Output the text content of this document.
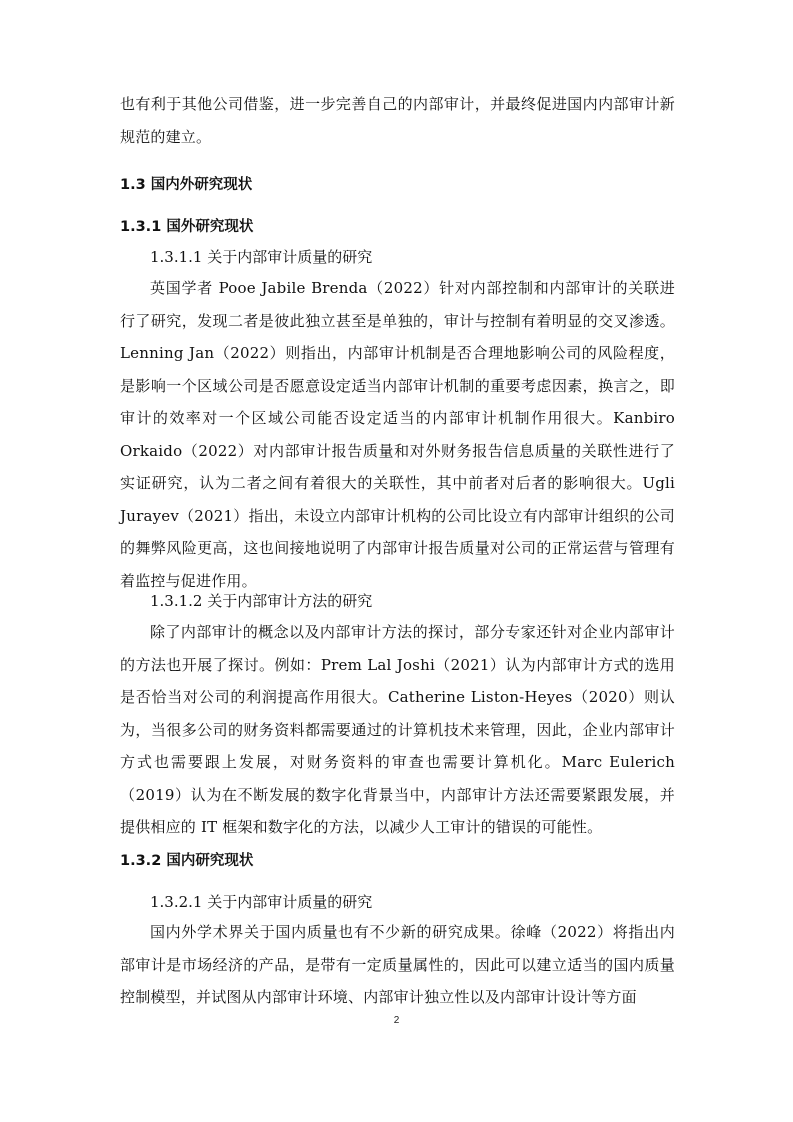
也有利于其他公司借鉴，进一步完善自己的内部审计，并最终促进国内内部审计新规范的建立。

1.3 国内外研究现状
1.3.1 国外研究现状

1.3.1.1 关于内部审计质量的研究

英国学者 Pooe Jabile Brenda（2022）针对内部控制和内部审计的关联进行了研究，发现二者是彼此独立甚至是单独的，审计与控制有着明显的交叉渗透。Lenning Jan（2022）则指出，内部审计机制是否合理地影响公司的风险程度，是影响一个区域公司是否愿意设定适当内部审计机制的重要考虑因素，换言之，即审计的效率对一个区域公司能否设定适当的内部审计机制作用很大。Kanbiro Orkaido（2022）对内部审计报告质量和对外财务报告信息质量的关联性进行了实证研究，认为二者之间有着很大的关联性，其中前者对后者的影响很大。Ugli Jurayev（2021）指出，未设立内部审计机构的公司比设立有内部审计组织的公司的舞弊风险更高，这也间接地说明了内部审计报告质量对公司的正常运营与管理有着监控与促进作用。

1.3.1.2 关于内部审计方法的研究

除了内部审计的概念以及内部审计方法的探讨，部分专家还针对企业内部审计的方法也开展了探讨。例如：Prem Lal Joshi（2021）认为内部审计方式的选用是否恰当对公司的利润提高作用很大。Catherine Liston-Heyes（2020）则认为，当很多公司的财务资料都需要通过的计算机技术来管理，因此，企业内部审计方式也需要跟上发展，对财务资料的审查也需要计算机化。Marc Eulerich（2019）认为在不断发展的数字化背景当中，内部审计方法还需要紧跟发展，并提供相应的 IT 框架和数字化的方法，以减少人工审计的错误的可能性。

1.3.2 国内研究现状

1.3.2.1 关于内部审计质量的研究

国内外学术界关于国内质量也有不少新的研究成果。徐峰（2022）将指出内部审计是市场经济的产品，是带有一定质量属性的，因此可以建立适当的国内质量控制模型，并试图从内部审计环境、内部审计独立性以及内部审计设计等方面

2
